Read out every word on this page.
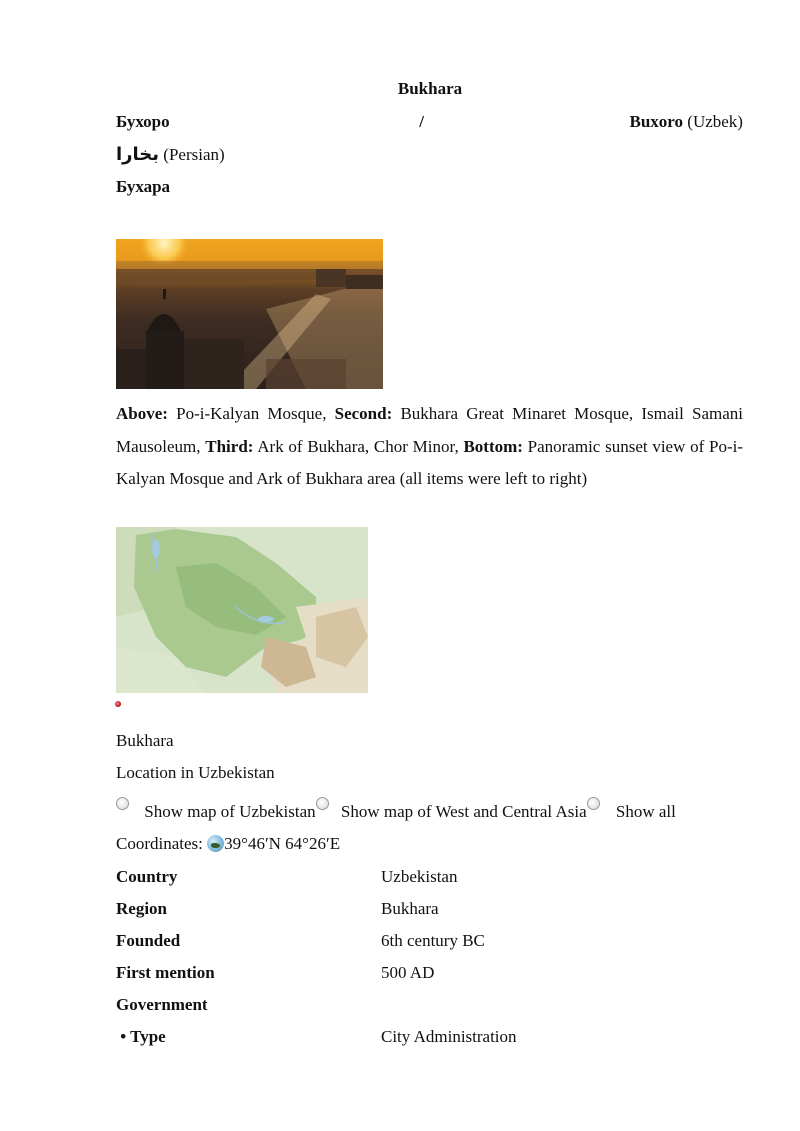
Bukhara
Бухоро	/	Buxoro (Uzbek)
بخارا (Persian)
Бухара
Above: Po-i-Kalyan Mosque, Second: Bukhara Great Minaret Mosque, Ismail Samani Mausoleum, Third: Ark of Bukhara, Chor Minor, Bottom: Panoramic sunset view of Po-i-Kalyan Mosque and Ark of Bukhara area (all items were left to right)
Bukhara
Location in Uzbekistan
Show map of Uzbekistan Show map of West and Central Asia Show all
Coordinates: 39°46′N 64°26′E
Country	Uzbekistan
Region	Bukhara
Founded	6th century BC
First mention	500 AD
Government
• Type	City Administration
